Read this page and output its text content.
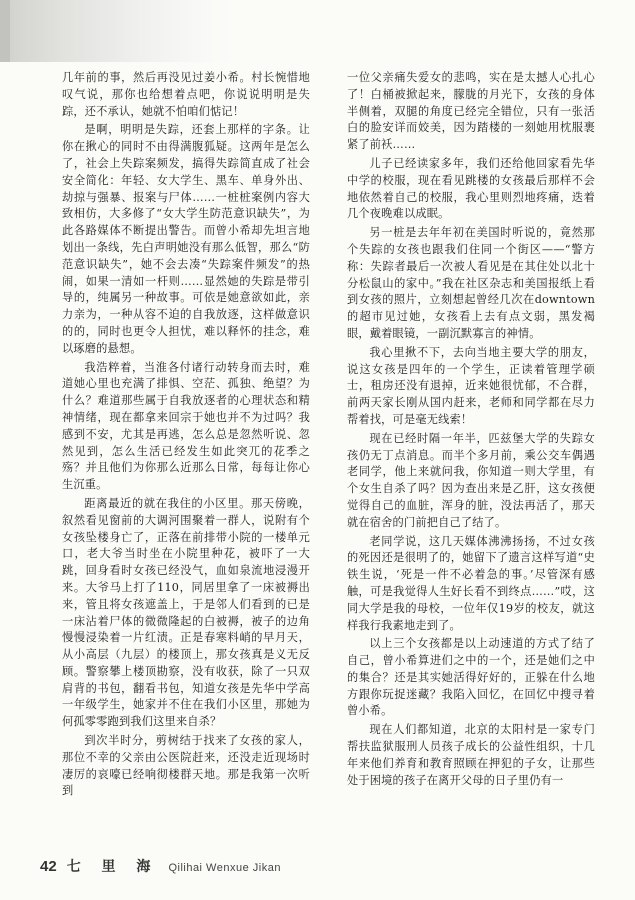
几年前的事，然后再没见过姜小希。村长惋惜地叹气说，那你也给想着点吧，你说说明明是失踪，还不承认，她就不怕咱们惦记！

是啊，明明是失踪，还套上那样的字条。让你在揪心的同时不由得满腹狐疑。这两年是怎么了，社会上失踪案频发，搞得失踪简直成了社会安全简化：年轻、女大学生、黑车、单身外出、劫掠与强暴、报案与尸体……一桩桩案例内容大致相仿，大多修了“女大学生防范意识缺失”，为此各路媒体不断提出警告。而曾小希却先坦言地划出一条线，先白声明她没有那么低智，那么“防范意识缺失”，她不会去凑“失踪案件频发”的热闹，如果一清如一杆则……显然她的失踪是带引导的，纯属另一种故事。可依是她意欲如此，亲力亲为，一种从容不迫的自我放逐，这样做意识的的，同时也更令人担忧，难以释怀的挂念，难以琢磨的悬想。

我浩粹着，当淮各付诸行动转身而去时，难道她心里也充满了排惧、空茫、孤独、绝望？为什么？难道那些属于自我放逐者的心理状态和精神情绪，现在都拿来回宗于她也并不为过吗？我感到不安，尤其是再逃，怎么总是忽然听说、忽然见到，怎么生活已经发生如此突兀的花季之殇？并且他们为你那么近那么日常，每每让你心生沉重。

距离最近的就在我住的小区里。那天傍晚，叙然看见窗前的大调河围聚着一群人，说附有个女孩坠楼身亡了，正落在前排带小院的一楼单元口，老大爷当时坐在小院里种花，被吓了一大跳，回身看时女孩已经没气，血如泉流地浸漫开来。大爷马上打了110，同居里拿了一床被褥出来，管且将女孩遮盖上，于是邻人们看到的已是一床沾着尸体的微微隆起的白被褥，被子的边角慢慢浸染着一片红渍。正是春寒料峭的早月天，从小高层（九层）的楼顶上，那女孩真是义无反顾。警察攀上楼顶勘察，没有收获，除了一只双肩背的书包，翻看书包，知道女孩是先华中学高一年级学生，她家并不住在我们小区里，那她为何孤零零跑到我们这里来自杀？

到次半时分，剪树结于找来了女孩的家人，那位不幸的父亲由公医院赶来，还没走近现场时凄厉的哀嚎已经响彻楼群天地。那是我第一次听到

一位父亲痛失爱女的悲鸣，实在是太撼人心扎心了！白桶被掀起来，朦胧的月光下，女孩的身体半侧着，双腿的角度已经完全错位，只有一张活白的脸安详而姣美，因为踏楼的一刻她用枕服裹紧了前袄……

儿子已经读家多年，我们还给他回家看先华中学的校服，现在看见跳楼的女孩最后那样不会地依然着自己的校服，我心里则烈地疼痛，迭着几个夜晚难以成眠。

另一桩是去年年初在美国时听说的，竟然那个失踪的女孩也跟我们住同一个街区——“警方称：失踪者最后一次被人看见是在其住处以北十分松鼠山的家中。”我在社区杂志和美国报纸上看到女孩的照片，立刻想起曾经几次在downtown的超市见过她，女孩看上去有点文弱，黑发褐眼，戴着眼镜，一副沉默寡言的神情。

我心里揪不下，去向当地主要大学的朋友，说这女孩是四年的一个学生，正读着管理学硕士，租房还没有退掉，近来她很忧郁，不合群，前两天家长刚从国内赶来，老师和同学都在尽力帮着找，可是毫无线索！

现在已经时隔一年半，匹兹堡大学的失踪女孩仍无丁点消息。而半个多月前，乘公交车偶遇老同学，他上来就问我，你知道一则大学里，有个女生自杀了吗？因为查出来是乙肝，这女孩便觉得自己的血脏，浑身的脏，没法再活了，那天就在宿舍的门前把自己了结了。

老同学说，这几天媒体沸沸扬扬，不过女孩的死因还是很明了的，她留下了遗言这样写道“史铁生说，‘死是一件不必着急的事。’尽管深有感触，可是我觉得人生好长看不到终点……”哎，这同大学是我的母校，一位年仅19岁的校友，就这样我行我素地走到了。

以上三个女孩都是以上动速道的方式了结了自己，曾小希算进们之中的一个，还是她们之中的集合？还是其实她活得好好的，正躲在什么地方跟你玩捉迷藏？我陷入回忆，在回忆中搜寻着曾小希。

现在人们都知道，北京的太阳村是一家专门帮扶监狱服刑人员孩子成长的公益性组织，十几年来他们养育和教育照顾在押犯的子女，让那些处于困境的孩子在离开父母的日子里仍有一

42 七 里 海 Qilihai Wenxue Jikan
